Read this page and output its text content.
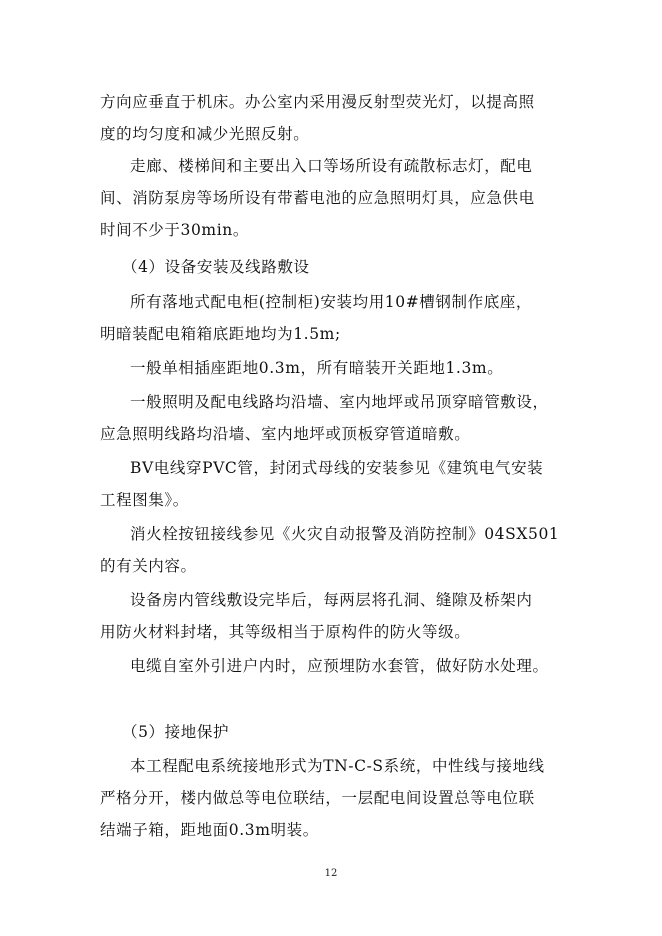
方向应垂直于机床。办公室内采用漫反射型荧光灯，以提高照
度的均匀度和减少光照反射。
走廊、楼梯间和主要出入口等场所设有疏散标志灯，配电
间、消防泵房等场所设有带蓄电池的应急照明灯具，应急供电
时间不少于30min。
（4）设备安装及线路敷设
所有落地式配电柜(控制柜)安装均用10#槽钢制作底座，
明暗装配电箱箱底距地均为1.5m;
一般单相插座距地0.3m，所有暗装开关距地1.3m。
一般照明及配电线路均沿墙、室内地坪或吊顶穿暗管敷设，
应急照明线路均沿墙、室内地坪或顶板穿管道暗敷。
BV电线穿PVC管，封闭式母线的安装参见《建筑电气安装
工程图集》。
消火栓按钮接线参见《火灾自动报警及消防控制》04SX501
的有关内容。
设备房内管线敷设完毕后，每两层将孔洞、缝隙及桥架内
用防火材料封堵，其等级相当于原构件的防火等级。
电缆自室外引进户内时，应预埋防水套管，做好防水处理。
（5）接地保护
本工程配电系统接地形式为TN-C-S系统，中性线与接地线
严格分开，楼内做总等电位联结，一层配电间设置总等电位联
结端子箱，距地面0.3m明装。
12
